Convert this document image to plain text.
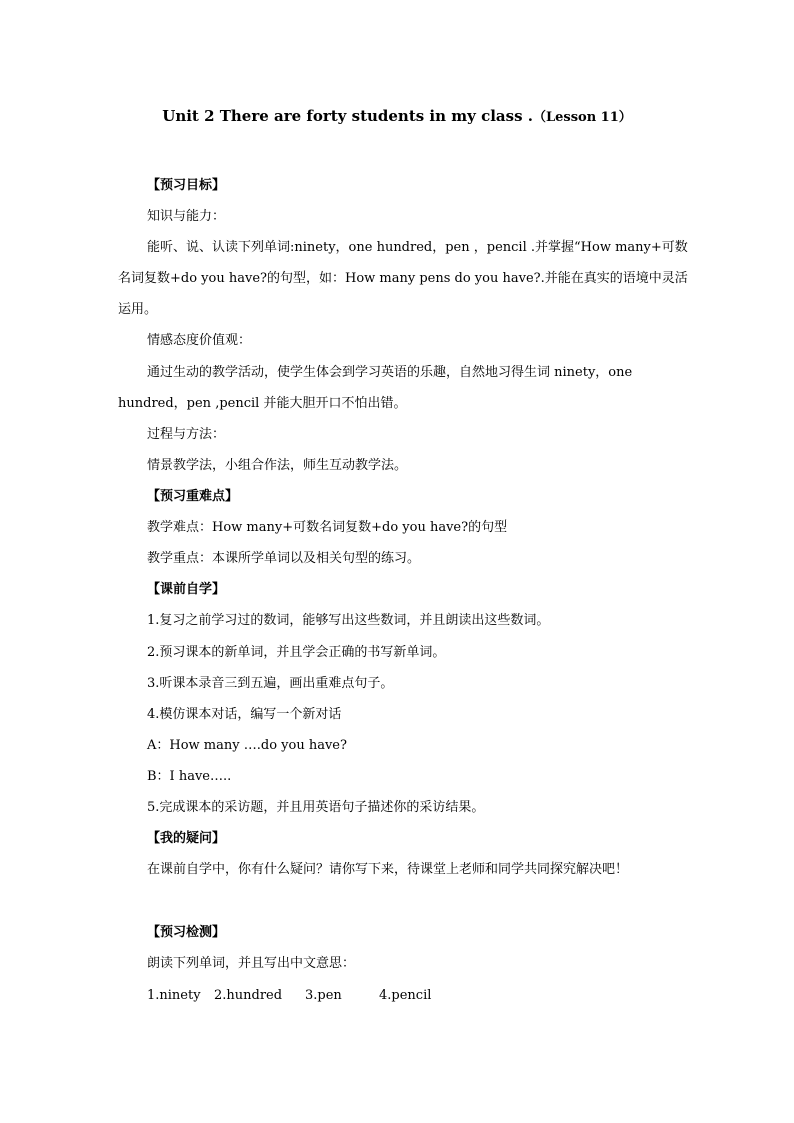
Unit 2 There are forty students in my class .（Lesson 11）
【预习目标】
知识与能力：
能听、说、认读下列单词:ninety，one hundred，pen ，pencil .并掌握“How many+可数
名词复数+do you have?的句型，如：How many pens do you have?.并能在真实的语境中灵活
运用。
情感态度价值观：
通过生动的教学活动，使学生体会到学习英语的乐趣，自然地习得生词 ninety，one
hundred，pen ,pencil 并能大胆开口不怕出错。
过程与方法：
情景教学法，小组合作法，师生互动教学法。
【预习重难点】
教学难点：How many+可数名词复数+do you have?的句型
教学重点：本课所学单词以及相关句型的练习。
【课前自学】
1.复习之前学习过的数词，能够写出这些数词，并且朗读出这些数词。
2.预习课本的新单词，并且学会正确的书写新单词。
3.听课本录音三到五遍，画出重难点句子。
4.模仿课本对话，编写一个新对话
A：How many ….do you have?
B：I have…..
5.完成课本的采访题，并且用英语句子描述你的采访结果。
【我的疑问】
在课前自学中，你有什么疑问？请你写下来，待课堂上老师和同学共同探究解决吧！
【预习检测】
朗读下列单词，并且写出中文意思：
1.ninety 2.hundred 3.pen	4.pencil
